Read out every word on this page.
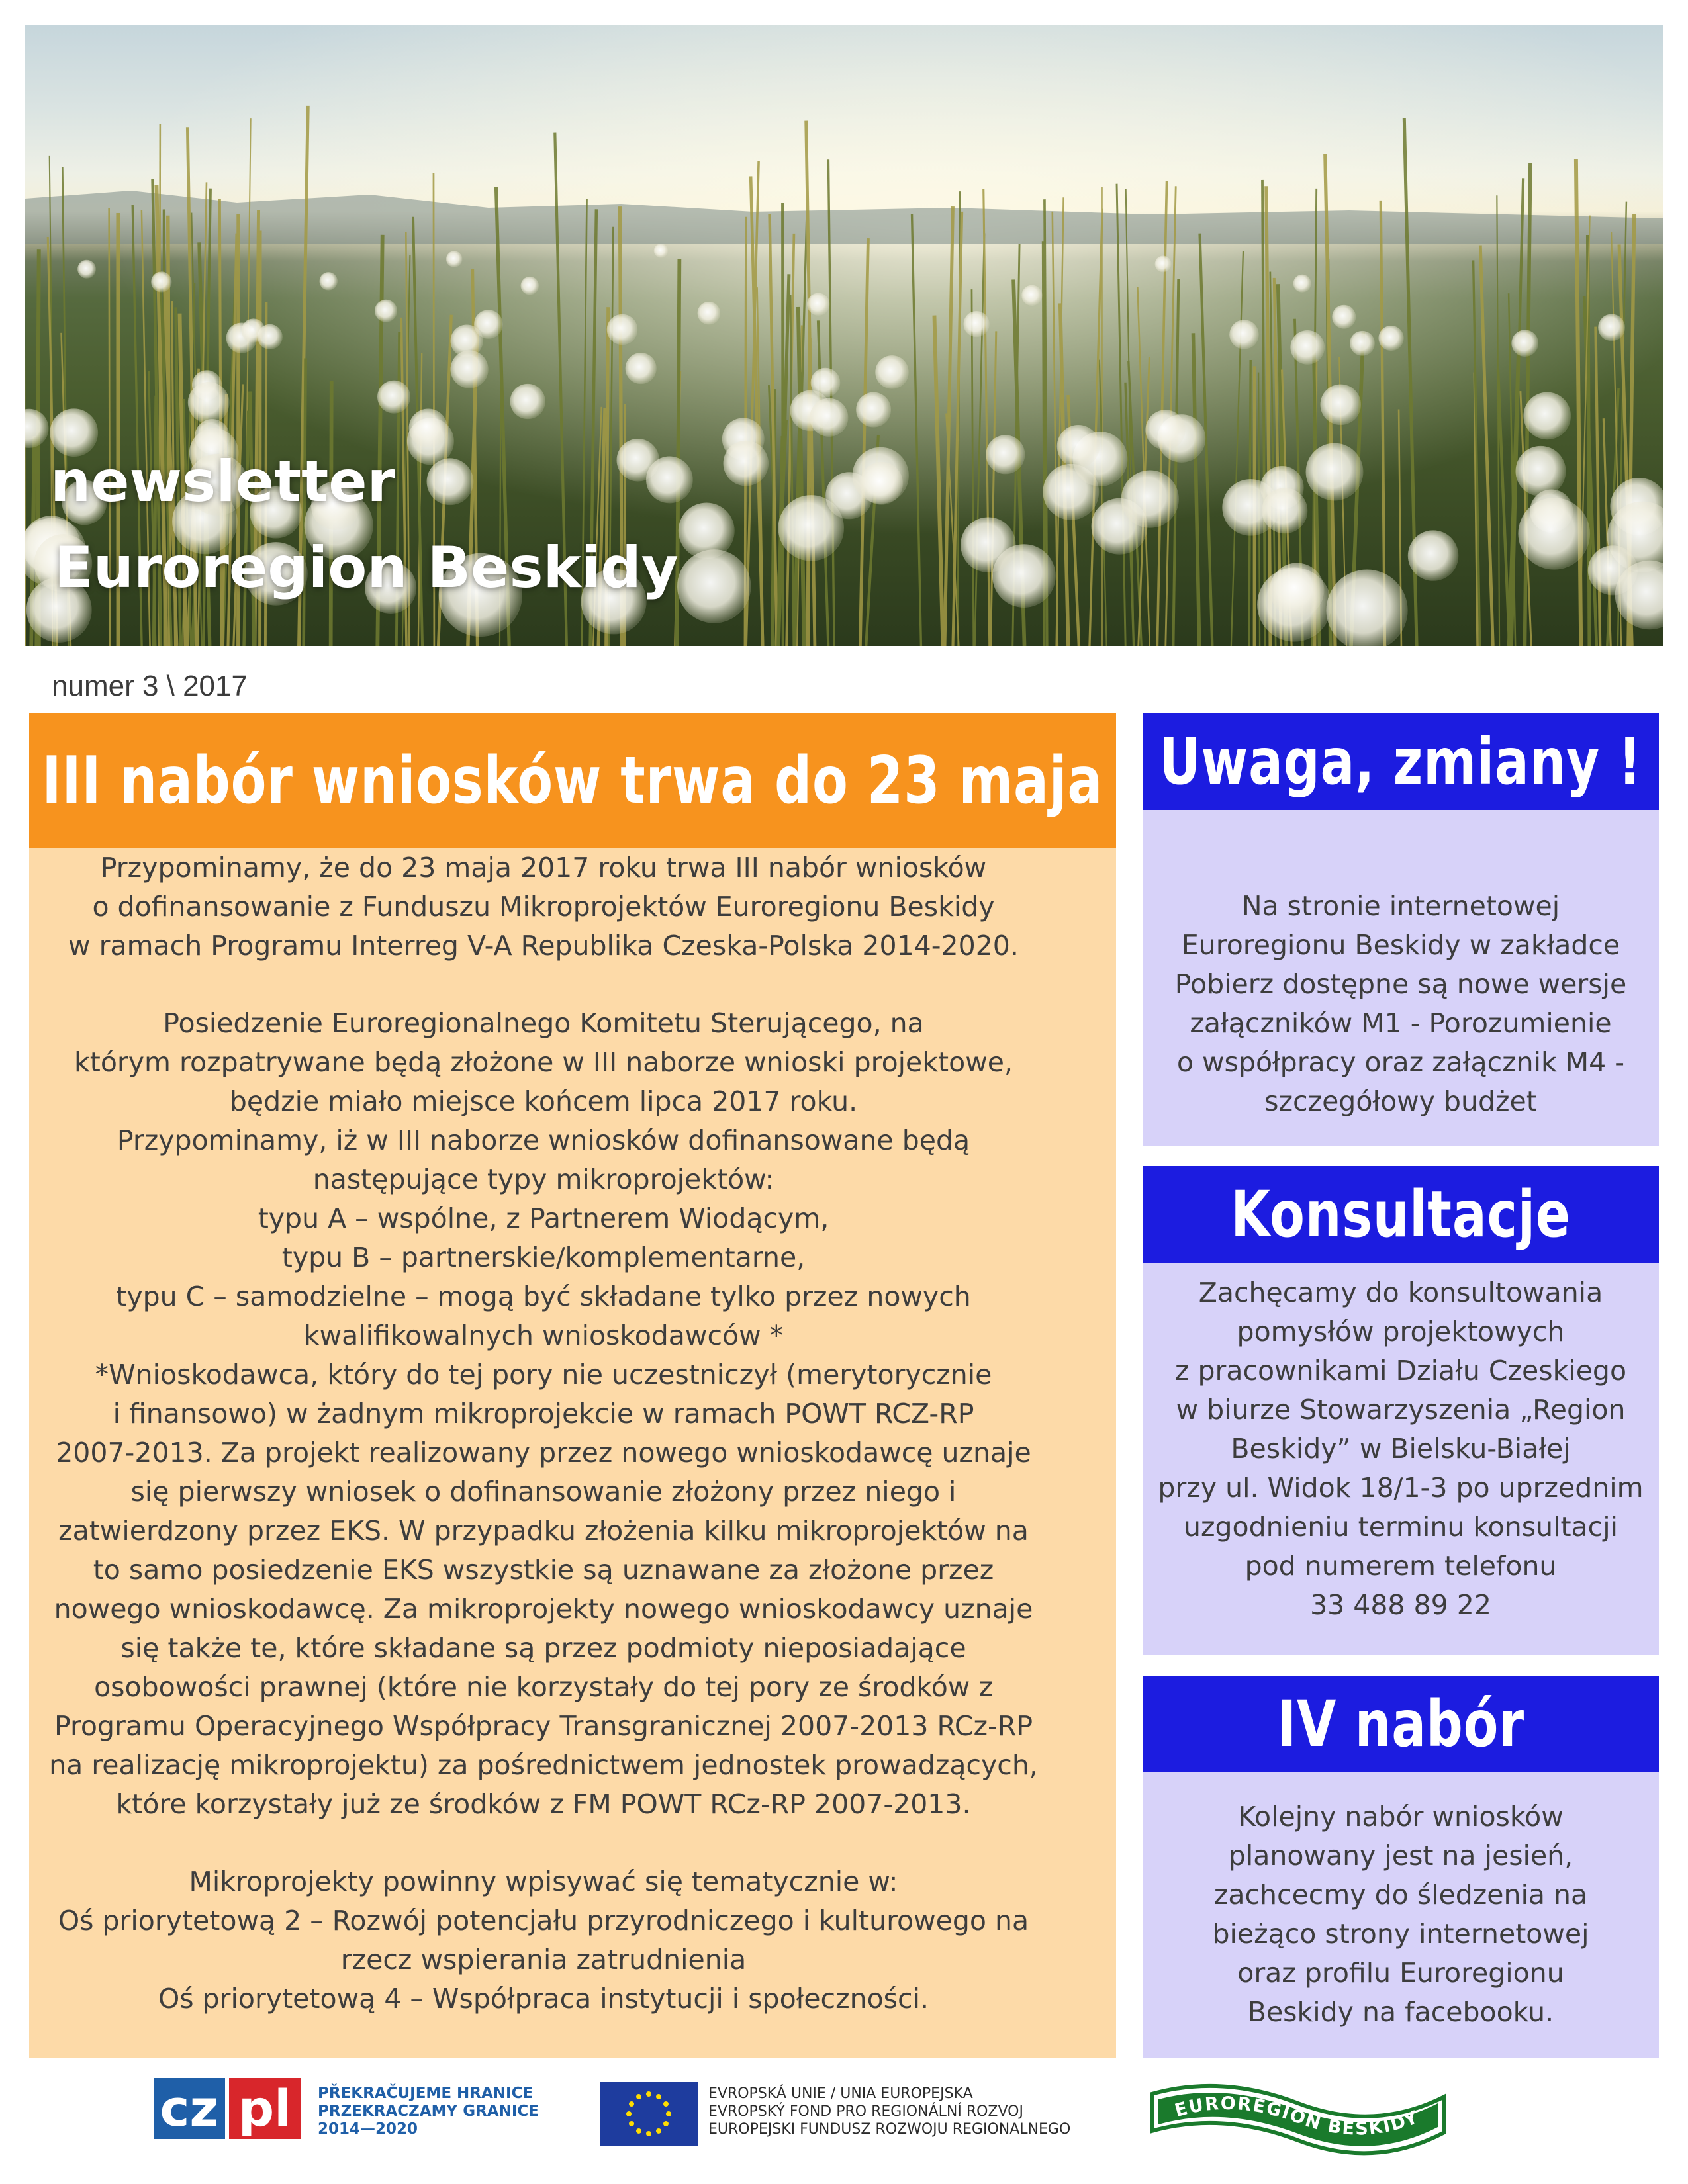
newsletter
Euroregion Beskidy
numer 3 \ 2017
III nabór wniosków trwa do 23 maja

Przypominamy, że do 23 maja 2017 roku trwa III nabór wniosków

o dofinansowanie z Funduszu Mikroprojektów Euroregionu Beskidy

w ramach Programu Interreg V-A Republika Czeska-Polska 2014-2020.

Posiedzenie Euroregionalnego Komitetu Sterującego, na

którym rozpatrywane będą złożone w III naborze wnioski projektowe,

będzie miało miejsce końcem lipca 2017 roku.

Przypominamy, iż w III naborze wniosków dofinansowane będą

następujące typy mikroprojektów:

typu A – wspólne, z Partnerem Wiodącym,

typu B – partnerskie/komplementarne,

typu C – samodzielne – mogą być składane tylko przez nowych

kwalifikowalnych wnioskodawców *

*Wnioskodawca, który do tej pory nie uczestniczył (merytorycznie

i finansowo) w żadnym mikroprojekcie w ramach POWT RCZ-RP

2007-2013. Za projekt realizowany przez nowego wnioskodawcę uznaje

się pierwszy wniosek o dofinansowanie złożony przez niego i

zatwierdzony przez EKS. W przypadku złożenia kilku mikroprojektów na

to samo posiedzenie EKS wszystkie są uznawane za złożone przez

nowego wnioskodawcę. Za mikroprojekty nowego wnioskodawcy uznaje

się także te, które składane są przez podmioty nieposiadające

osobowości prawnej (które nie korzystały do tej pory ze środków z

Programu Operacyjnego Współpracy Transgranicznej 2007-2013 RCz-RP

na realizację mikroprojektu) za pośrednictwem jednostek prowadzących,

które korzystały już ze środków z FM POWT RCz-RP 2007-2013.

Mikroprojekty powinny wpisywać się tematycznie w:

Oś priorytetową 2 – Rozwój potencjału przyrodniczego i kulturowego na

rzecz wspierania zatrudnienia

Oś priorytetową 4 – Współpraca instytucji i społeczności.

Uwaga, zmiany !

Na stronie internetowej

Euroregionu Beskidy w zakładce

Pobierz dostępne są nowe wersje

załączników M1 - Porozumienie

o współpracy oraz załącznik M4 -

szczegółowy budżet

Konsultacje

Zachęcamy do konsultowania

pomysłów projektowych

z pracownikami Działu Czeskiego

w biurze Stowarzyszenia „Region

Beskidy” w Bielsku-Białej

przy ul. Widok 18/1-3 po uprzednim

uzgodnieniu terminu konsultacji

pod numerem telefonu

33 488 89 22

IV nabór

Kolejny nabór wniosków

planowany jest na jesień,

zachcecmy do śledzenia na

bieżąco strony internetowej

oraz profilu Euroregionu

Beskidy na facebooku.

cz pl	PŘEKRAČUJEME HRANICE

PRZEKRACZAMY GRANICE

2014—2020

EVROPSKÁ UNIE / UNIA EUROPEJSKA

EVROPSKÝ FOND PRO REGIONÁLNÍ ROZVOJ

EUROPEJSKI FUNDUSZ ROZWOJU REGIONALNEGO

EUROREGION BESKIDY
